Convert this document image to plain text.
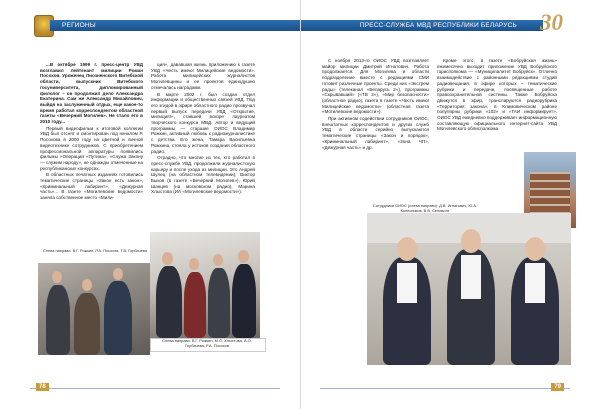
РЕГИОНЫ	ПРЕСС-СЛУЖБА МВД РЕСПУБЛИКИ БЕЛАРУСЬ 30

...В октябре 1999 г. пресс-центр УВД возглавил лейтенант милиции Роман Посохов. Уроженец Лиозненского Витебской области, выпускник Витебского госуниверситета, дипломированный филолог – он продолжил дело Александра Екатерина. Сам же Александр Михайлович, выйдя на заслуженный отдых, еще какое-то время работал корреспондентом областной газеты «Вечерний Могилев». Не стало его в 2010 году...

Первый видеофильм к итоговой коллегии УВД был отснят и смонтирован под началом Р. Посохова в 2000 году на цветной и личной видеотехнике сотрудников. С приобретением профессиональной аппаратуры появились фильмы «Операция «Путина», «Служа Закону — служим народу», не однажды отмеченные на республиканских конкурсах.

В областных печатных изданиях готовились тематические страницы «Закон есть закон», «Криминальный лабиринт», «Дежурная часть»... В газете «Могилевские ведомости» заняла собственное место «Мили-

ция», дававшая жизнь приложению к газете УВД «Честь имею! Милицейские ведомости». Работа милицейских журналистов Могилевщины и ее проектов единодушно отмечалась наградами.

В марте 2002 г. был создан отдел информации и общественных связей УВД. Под его эгидой в эфире областного радио прозвучал первый выпуск передачи УВД «Открытие, милиция!», ставшей вскоре лауреатом творческого конкурса МВД. Автор и ведущий программы — старшие ОИОС Владимир Рожкин, активный любовь к радиожурналистике с детства. Его жена, Тамара Васильевна Рожкина, стояла у истоков создания областного радио.

Отрадно, что многие из тех, кто работал в пресс-службе УВД, продолжили журналистскую карьеру и после ухода из милиции. Это Андрей Шулец (на областном телевидении), Виктор Быков (в газете «Вечерний Могилев»), Юрий Шанцев (на московском радио), Марина Хлыстова (ИА «Могилевские ведомости»).

Слева направо: В.Г. Рожкин, Р.А. Посохов, Т.В. Горбачева
Слева направо: В.Г. Рожкин, М.О. Хлыстова, А.О. Горбачева, Р.А. Посохов

С ноября 2013-го ОИОС УВД возглавляет майор милиции Дмитрий Игнатович. Работа продолжается. Для Могилева и области подразделение вместе с редакциями СМИ готовит различные проекты. Среди них «Экстрем рады» (телеканал «Беларусь 2»), программы «Скрывавший» («ТВ 2»), «Мир безопасности» (областное радио), газета в газете «Честь имею! Милицейские ведомости» (областная газета «Могилевские ведомости»).

При активном содействии сотрудников ОИОС, внештатных корреспондентов и других служб УВД в области серийно выпускаются тематические страницы «Закон и порядок», «Криминальный лабиринт», «Зона ЧП», «Дежурная часть» и др.

Кроме этого, в газете «Бобруйская жизнь» ежемесячно выходит приложение УВД Бобруйского горисполкома — «Муниципалитет Бобруйск». Отлично взаимодействие с районными редакциями студий радиовещания, в эфире которых – тематические рубрики и передачи, посвященные работе правоохранительной системы. Также Бобруйска движутся в эфир, транслируются радиорубрика «Территория закона», в Климовическом районе популярны рубрики «102» и «ГАИ информирует». ОИОС УВД ежедневно поддерживает информационную составляющую официального интернет-сайта УВД Могилевского облисполкома.

Сотрудники ОИОС (слева направо): Д.В. Игнатович, Ю.А. Колесников, В.В. Селивонт
78	79
